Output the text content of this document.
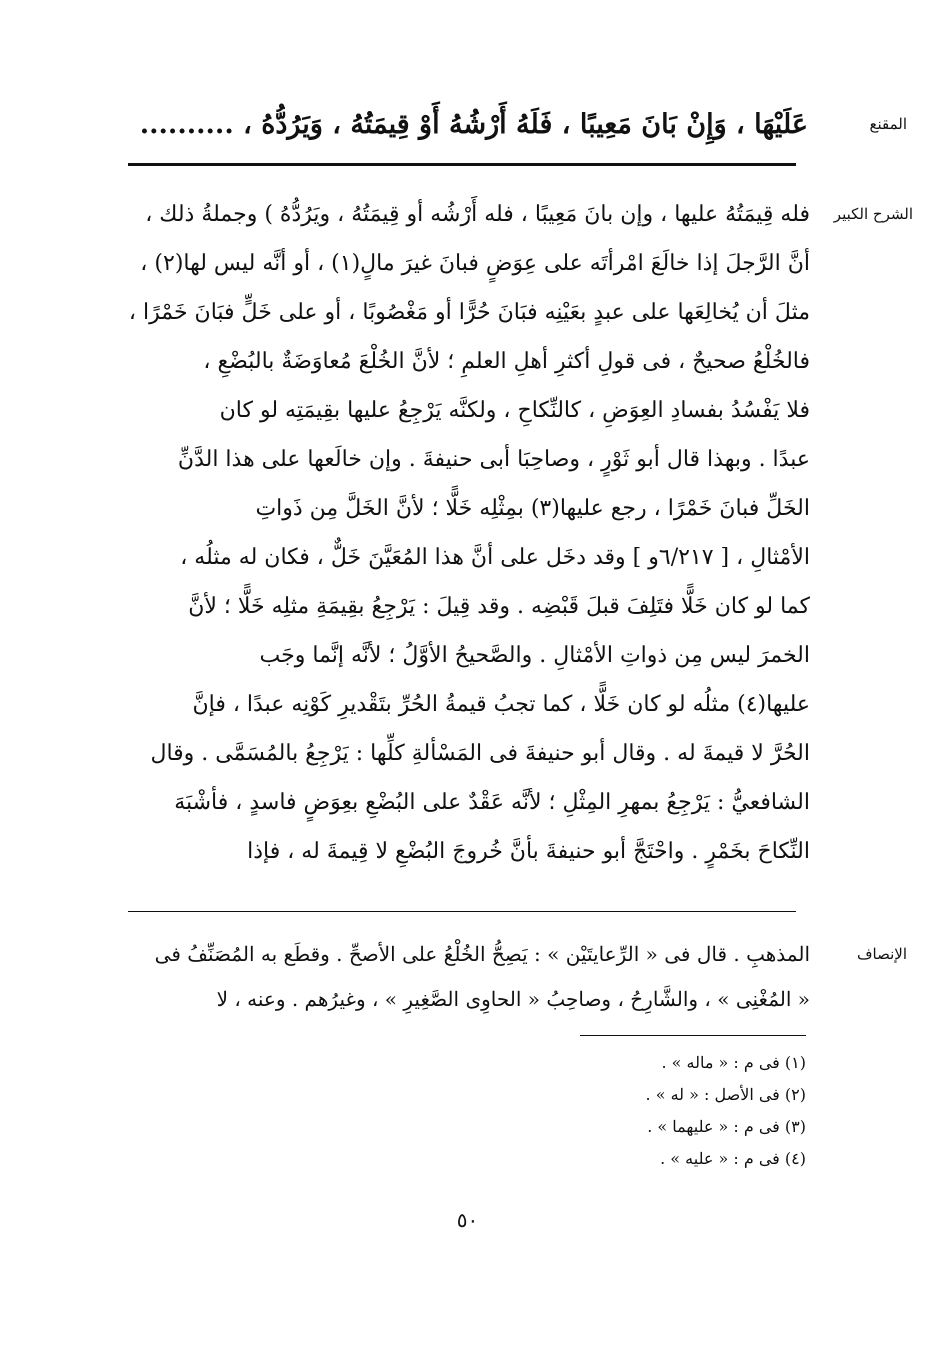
المقنع
عَلَيْهَا ، وَإِنْ بَانَ مَعِيبًا ، فَلَهُ أَرْشُهُ أَوْ قِيمَتُهُ ، وَيَرُدُّهُ ، ..........
الشرح الكبير
فله قِيمَتُهُ عليها ، وإن بانَ مَعِيبًا ، فله أَرْشُه أو قِيمَتُهُ ، ويَرُدُّهُ ) وجملةُ ذلك ،
أنَّ الرَّجلَ إذا خالَعَ امْرأتَه على عِوَضٍ فبانَ غيرَ مالٍ(١) ، أو أنَّه ليس لها(٢) ،
مثلَ أن يُخالِعَها على عبدٍ بعَيْنِه فبَانَ حُرًّا أو مَغْصُوبًا ، أو على خَلٍّ فبَانَ خَمْرًا ،
فالخُلْعُ صحيحٌ ، فى قولِ أكثرِ أهلِ العلمِ ؛ لأنَّ الخُلْعَ مُعاوَضَةٌ بالبُضْعِ ،
فلا يَفْسُدُ بفسادِ العِوَضِ ، كالنِّكاحِ ، ولكنَّه يَرْجِعُ عليها بقِيمَتِه لو كان
عبدًا . وبهذا قال أبو ثَوْرٍ ، وصاحِبَا أبى حنيفةَ . وإن خالَعها على هذا الدَّنِّ
الخَلِّ فبانَ خَمْرًا ، رجع عليها(٣) بمِثْلِه خَلًّا ؛ لأنَّ الخَلَّ مِن ذَواتِ
الأمْثالِ ، [ ٦/٢١٧و ] وقد دخَل على أنَّ هذا المُعَيَّنَ خَلٌّ ، فكان له مثلُه ،
كما لو كان خَلًّا فتَلِفَ قبلَ قَبْضِه . وقد قِيلَ : يَرْجِعُ بقِيمَةِ مثلِه خَلًّا ؛ لأنَّ
الخمرَ ليس مِن ذواتِ الأمْثالِ . والصَّحيحُ الأوَّلُ ؛ لأنَّه إنَّما وجَب
عليها(٤) مثلُه لو كان خَلًّا ، كما تجبُ قيمةُ الحُرِّ بتَقْديرِ كَوْنِه عبدًا ، فإنَّ
الحُرَّ لا قيمةَ له . وقال أبو حنيفةَ فى المَسْألةِ كلِّها : يَرْجِعُ بالمُسَمَّى . وقال
الشافعيُّ : يَرْجِعُ بمهرِ المِثْلِ ؛ لأنَّه عَقْدٌ على البُضْعِ بعِوَضٍ فاسدٍ ، فأشْبَهَ
النِّكاحَ بخَمْرٍ . واحْتَجَّ أبو حنيفةَ بأنَّ خُروجَ البُضْعِ لا قِيمةَ له ، فإذا
الإنصاف
المذهبِ . قال فى « الرِّعايتَيْن » : يَصِحُّ الخُلْعُ على الأصحِّ . وقطَع به المُصَنِّفُ فى
« المُغْنِى » ، والشَّارِحُ ، وصاحِبُ « الحاوِى الصَّغِيرِ » ، وغيرُهم . وعنه ، لا
(١) فى م : « ماله » .
(٢) فى الأصل : « له » .
(٣) فى م : « عليهما » .
(٤) فى م : « عليه » .
٥٠
